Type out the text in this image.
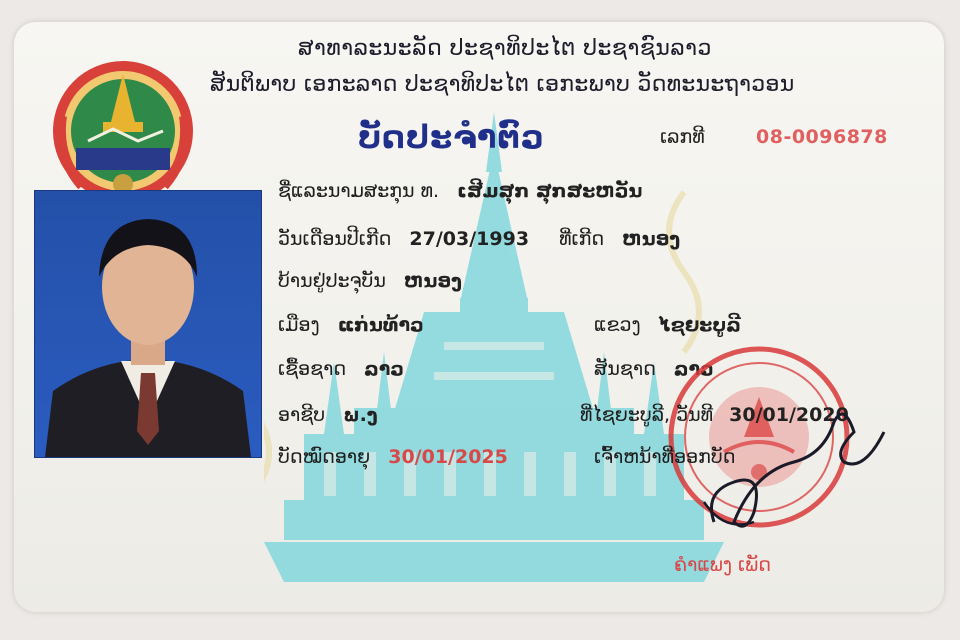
ສາທາລະນະລັດ ປະຊາທິປະໄຕ ປະຊາຊົນລາວ
ສັນຕິພາບ ເອກະລາດ ປະຊາທິປະໄຕ ເອກະພາບ ວັດທະນະຖາວອນ
ບັດປະຈຳຕົວ	ເລກທີ	08-0096878
ຊື່ແລະນາມສະກຸນ ທ. ເສີມສຸກ ສຸກສະຫວັນ
ວັນເດືອນປີເກີດ 27/03/1993 ທີ່ເກີດ ຫນອງ
ບ້ານຢູ່ປະຈຸບັນ ຫນອງ
ເມືອງ ແກ່ນທ້າວ	ແຂວງ ໄຊຍະບູລີ
ເຊື້ອຊາດ ລາວ	ສັນຊາດ ລາວ
ອາຊີບ ພ.ງ	ທີ່ໄຊຍະບູລີ, ວັນທີ 30/01/2020
ບັດໝົດອາຍຸ 30/01/2025	ເຈົ້າຫນ້າທີ່ອອກບັດ
ຄຳແພງ ເພັດ
